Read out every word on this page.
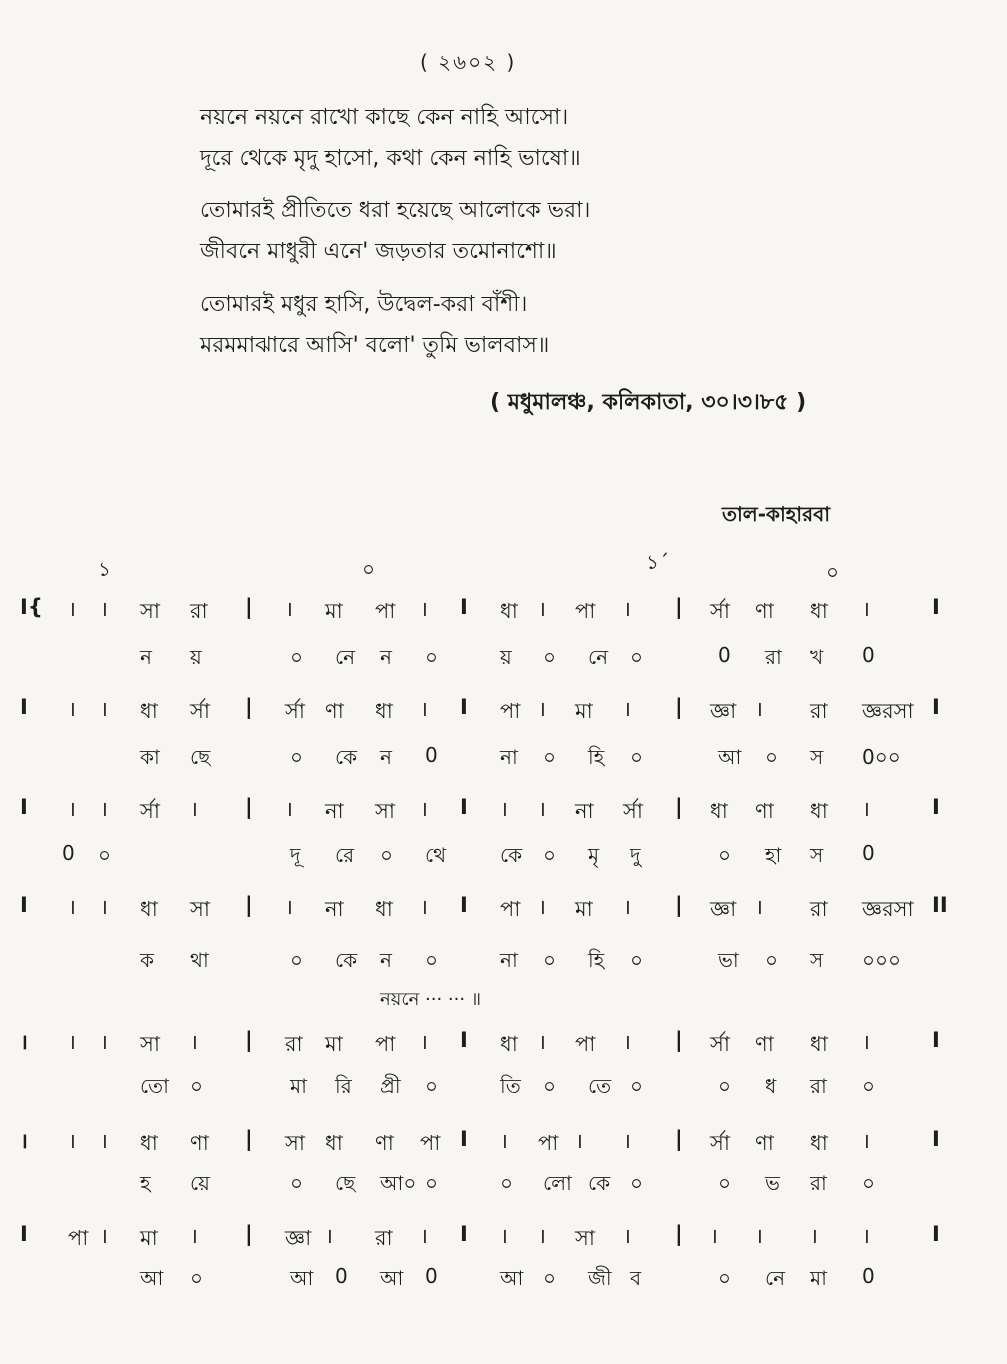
( ২৬০২ )
নয়নে নয়নে রাখো কাছে কেন নাহি আসো।
দূরে থেকে মৃদু হাসো, কথা কেন নাহি ভাষো॥
তোমারই প্রীতিতে ধরা হয়েছে আলোকে ভরা।
জীবনে মাধুরী এনে' জড়তার তমোনাশো॥
তোমারই মধুর হাসি, উদ্বেল-করা বাঁশী।
মরমমাঝারে আসি' বলো' তুমি ভালবাস॥
( মধুমালঞ্চ, কলিকাতা, ৩০।৩।৮৫ )
তাল-কাহারবা
১	০	১´	০
I{ । । সা রা | । মা পা । I ধা । পা । | র্সা ণা ধা ।	I
ন য়	০ নে ন ০	য় ০ নে ০	0 রা খ 0
I । । ধা র্সা | র্সা ণা ধা । I পা । মা । | জ্ঞা । রা জ্ঞরসা I
কা ছে	০ কে ন 0	না ০ হি ০	আ ০ স 0০০
I । । র্সা । | । না সা । I । । না র্সা | ধা ণা ধা ।	I
0 ০	দূ রে ০ থে	কে ০ মৃ দু	০ হা স 0
I । । ধা সা | । না ধা । I পা । মা । | জ্ঞা । রা জ্ঞরসা II
ক থা	০ কে ন ০	না ০ হি ০	ভা ০ স ০০০
। । । সা । | রা মা পা । I ধা । পা । | র্সা ণা ধা ।	I
তো ০	মা রি প্রী ০	তি ০ তে ০	০ ধ রা ০
। । । ধা ণা | সা ধা ণা পা I । পা । । | র্সা ণা ধা ।	I
হ য়ে	০ ছে আ০ ০	০ লো কে ০	০ ভ রা ০
I পা । মা । | জ্ঞা । রা । I । । সা । | । । । ।	I
আ ০	আ 0 আ 0	আ ০ জী ব	০ নে মা 0
নয়নে ··· ··· ॥
